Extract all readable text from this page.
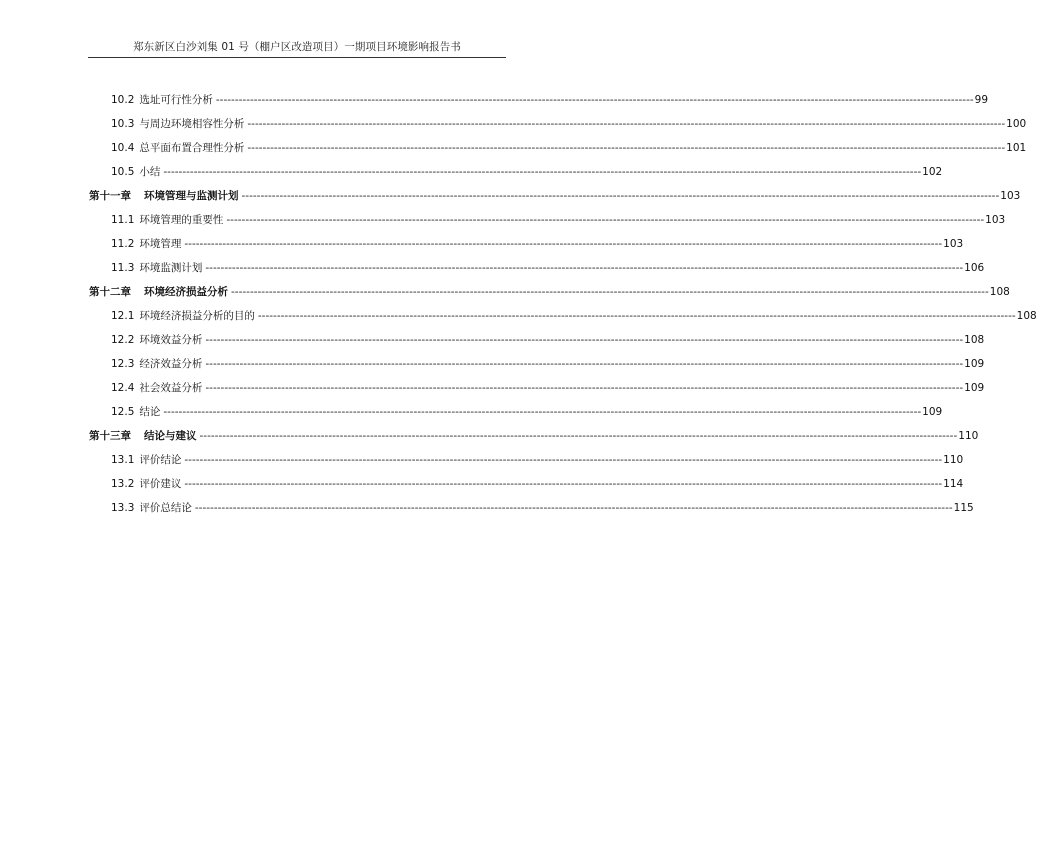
郑东新区白沙刘集 01 号（棚户区改造项目）一期项目环境影响报告书
10.2 选址可行性分析 -------------------------------------------------------------------------------------------------------------------------------------------------------------------------------------------------------- 99
10.3 与周边环境相容性分析 -------------------------------------------------------------------------------------------------------------------------------------------------------------------------------------------------------- 100
10.4 总平面布置合理性分析 -------------------------------------------------------------------------------------------------------------------------------------------------------------------------------------------------------- 101
10.5 小结 -------------------------------------------------------------------------------------------------------------------------------------------------------------------------------------------------------- 102
第十一章 环境管理与监测计划 -------------------------------------------------------------------------------------------------------------------------------------------------------------------------------------------------------- 103
11.1 环境管理的重要性 -------------------------------------------------------------------------------------------------------------------------------------------------------------------------------------------------------- 103
11.2 环境管理 -------------------------------------------------------------------------------------------------------------------------------------------------------------------------------------------------------- 103
11.3 环境监测计划 -------------------------------------------------------------------------------------------------------------------------------------------------------------------------------------------------------- 106
第十二章 环境经济损益分析 -------------------------------------------------------------------------------------------------------------------------------------------------------------------------------------------------------- 108
12.1 环境经济损益分析的目的 -------------------------------------------------------------------------------------------------------------------------------------------------------------------------------------------------------- 108
12.2 环境效益分析 -------------------------------------------------------------------------------------------------------------------------------------------------------------------------------------------------------- 108
12.3 经济效益分析 -------------------------------------------------------------------------------------------------------------------------------------------------------------------------------------------------------- 109
12.4 社会效益分析 -------------------------------------------------------------------------------------------------------------------------------------------------------------------------------------------------------- 109
12.5 结论 -------------------------------------------------------------------------------------------------------------------------------------------------------------------------------------------------------- 109
第十三章 结论与建议 -------------------------------------------------------------------------------------------------------------------------------------------------------------------------------------------------------- 110
13.1 评价结论 -------------------------------------------------------------------------------------------------------------------------------------------------------------------------------------------------------- 110
13.2 评价建议 -------------------------------------------------------------------------------------------------------------------------------------------------------------------------------------------------------- 114
13.3 评价总结论 -------------------------------------------------------------------------------------------------------------------------------------------------------------------------------------------------------- 115
